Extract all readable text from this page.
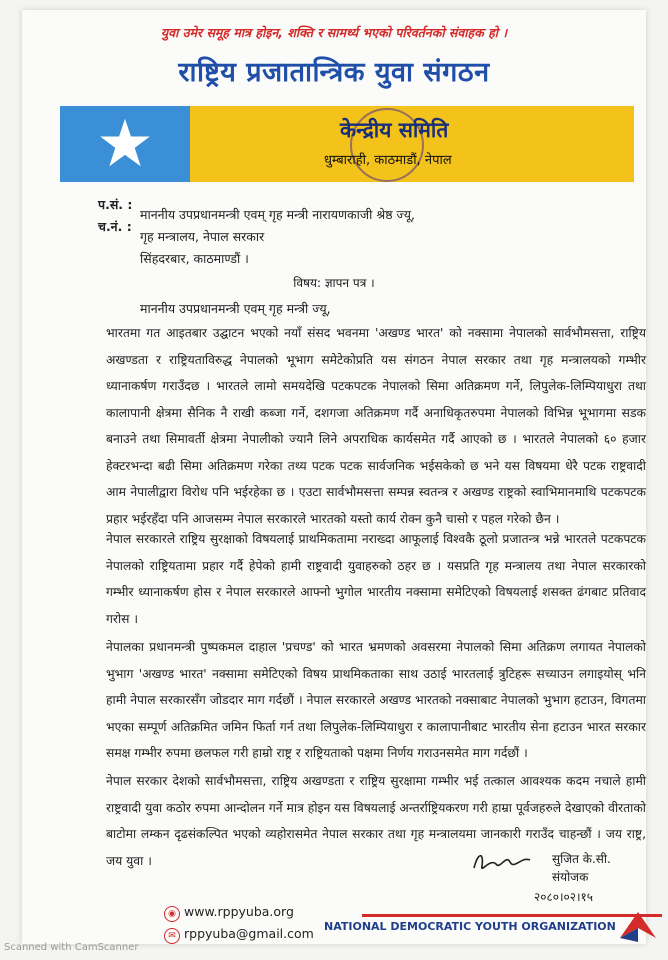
युवा उमेर समूह मात्र होइन, शक्ति र सामर्थ्य भएको परिवर्तनको संवाहक हो ।
राष्ट्रिय प्रजातान्त्रिक युवा संगठन
केन्द्रीय समिति
धुम्बाराही, काठमाडौं, नेपाल
प.सं. :
च.नं. :
माननीय उपप्रधानमन्त्री एवम् गृह मन्त्री नारायणकाजी श्रेष्ठ ज्यू,
गृह मन्त्रालय, नेपाल सरकार
सिंहदरबार, काठमाण्डौं ।
विषय: ज्ञापन पत्र ।
माननीय उपप्रधानमन्त्री एवम् गृह मन्त्री ज्यू,
भारतमा गत आइतबार उद्घाटन भएको नयाँ संसद भवनमा 'अखण्ड भारत' को नक्सामा नेपालको सार्वभौमसत्ता, राष्ट्रिय अखण्डता र राष्ट्रियताविरुद्ध नेपालको भूभाग समेटेकोप्रति यस संगठन नेपाल सरकार तथा गृह मन्त्रालयको गम्भीर ध्यानाकर्षण गराउँदछ । भारतले लामो समयदेखि पटकपटक नेपालको सिमा अतिक्रमण गर्ने, लिपुलेक-लिम्पियाधुरा तथा कालापानी क्षेत्रमा सैनिक नै राखी कब्जा गर्ने, दशगजा अतिक्रमण गर्दै अनाधिकृतरुपमा नेपालको विभिन्न भूभागमा सडक बनाउने तथा सिमावर्ती क्षेत्रमा नेपालीको ज्यानै लिने अपराधिक कार्यसमेत गर्दै आएको छ । भारतले नेपालको ६० हजार हेक्टरभन्दा बढी सिमा अतिक्रमण गरेका तथ्य पटक पटक सार्वजनिक भईसकेको छ भने यस विषयमा धेरै पटक राष्ट्रवादी आम नेपालीद्वारा विरोध पनि भईरहेका छ । एउटा सार्वभौमसत्ता सम्पन्न स्वतन्त्र र अखण्ड राष्ट्रको स्वाभिमानमाथि पटकपटक प्रहार भईरहँदा पनि आजसम्म नेपाल सरकारले भारतको यस्तो कार्य रोक्न कुनै चासो र पहल गरेको छैन ।
नेपाल सरकारले राष्ट्रिय सुरक्षाको विषयलाई प्राथमिकतामा नराख्दा आफूलाई विश्वकै ठूलो प्रजातन्त्र भन्ने भारतले पटकपटक नेपालको राष्ट्रियतामा प्रहार गर्दै हेपेको हामी राष्ट्रवादी युवाहरुको ठहर छ । यसप्रति गृह मन्त्रालय तथा नेपाल सरकारको गम्भीर ध्यानाकर्षण होस र नेपाल सरकारले आफ्नो भुगोल भारतीय नक्सामा समेटिएको विषयलाई शसक्त ढंगबाट प्रतिवाद गरोस ।
नेपालका प्रधानमन्त्री पुष्पकमल दाहाल 'प्रचण्ड' को भारत भ्रमणको अवसरमा नेपालको सिमा अतिक्रण लगायत नेपालको भुभाग 'अखण्ड भारत' नक्सामा समेटिएको विषय प्राथमिकताका साथ उठाई भारतलाई त्रुटिहरू सच्याउन लगाइयोस् भनि हामी नेपाल सरकारसँग जोडदार माग गर्दछौं । नेपाल सरकारले अखण्ड भारतको नक्साबाट नेपालको भुभाग हटाउन, विगतमा भएका सम्पूर्ण अतिक्रमित जमिन फिर्ता गर्न तथा लिपुलेक-लिम्पियाधुरा र कालापानीबाट भारतीय सेना हटाउन भारत सरकार समक्ष गम्भीर रुपमा छलफल गरी हाम्रो राष्ट्र र राष्ट्रियताको पक्षमा निर्णय गराउनसमेत माग गर्दछौं ।
नेपाल सरकार देशको सार्वभौमसत्ता, राष्ट्रिय अखण्डता र राष्ट्रिय सुरक्षामा गम्भीर भई तत्काल आवश्यक कदम नचाले हामी राष्ट्रवादी युवा कठोर रुपमा आन्दोलन गर्ने मात्र होइन यस विषयलाई अन्तर्राष्ट्रियकरण गरी हाम्रा पूर्वजहरुले देखाएको वीरताको बाटोमा लम्कन दृढसंकल्पित भएको व्यहोरासमेत नेपाल सरकार तथा गृह मन्त्रालयमा जानकारी गराउँद चाहन्छौं । जय राष्ट्र, जय युवा ।	सुजित के.सी.
संयोजक
२०८०।०२।१५
◉ www.rppyuba.org
✉ rppyuba@gmail.com NATIONAL DEMOCRATIC YOUTH ORGANIZATION
Scanned with CamScanner
